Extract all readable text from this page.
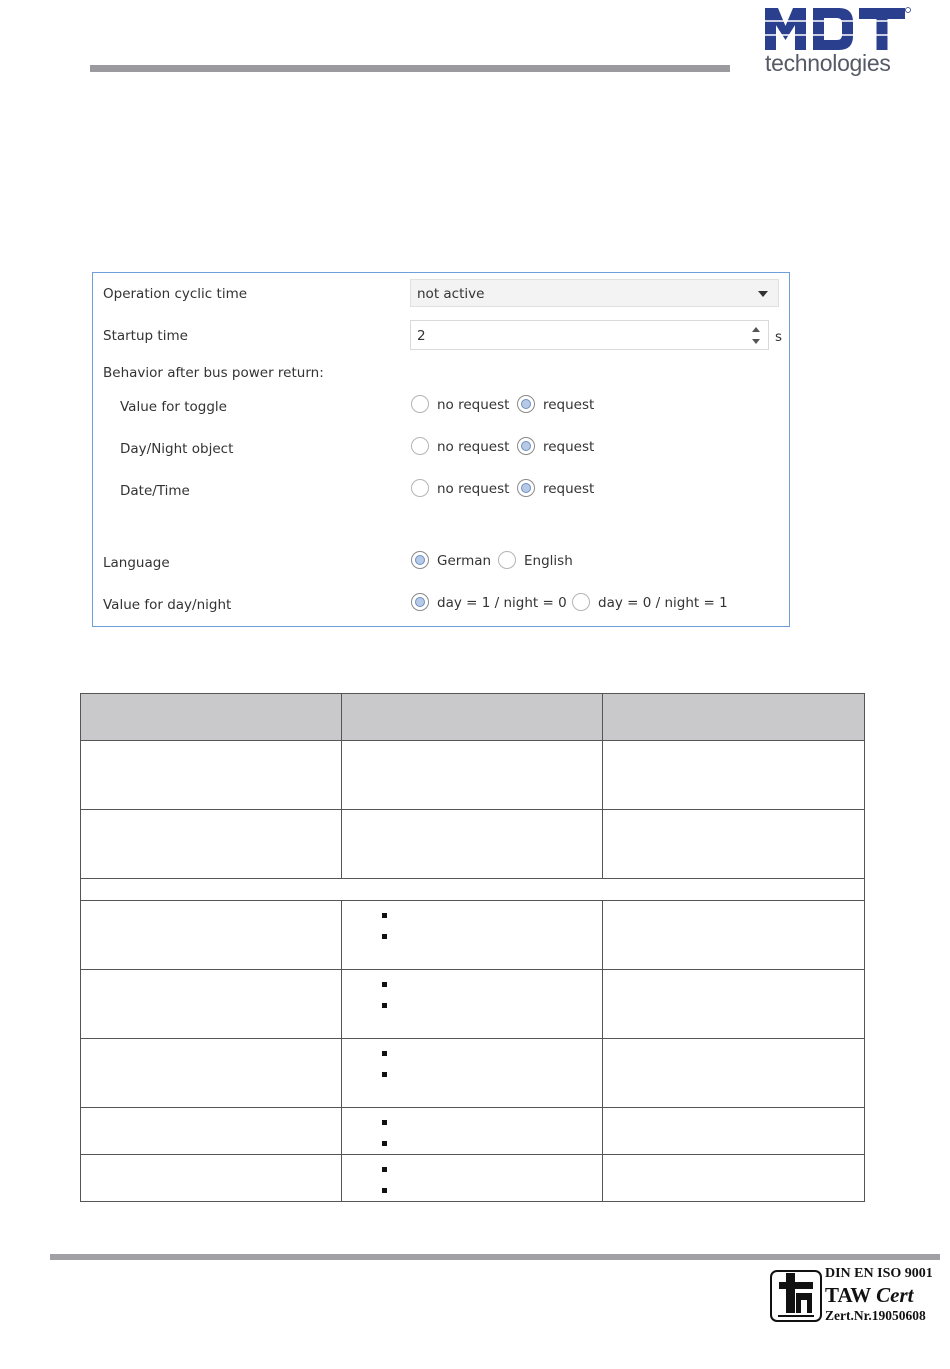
technologies
Operation cyclic time	not active
Startup time	2	s
Behavior after bus power return:
Value for toggle	no request request
Day/Night object	no request request
Date/Time	no request request
Language	German English
Value for day/night	day = 1 / night = 0 day = 0 / night = 1

DIN EN ISO 9001
TAW Cert
Zert.Nr.19050608
